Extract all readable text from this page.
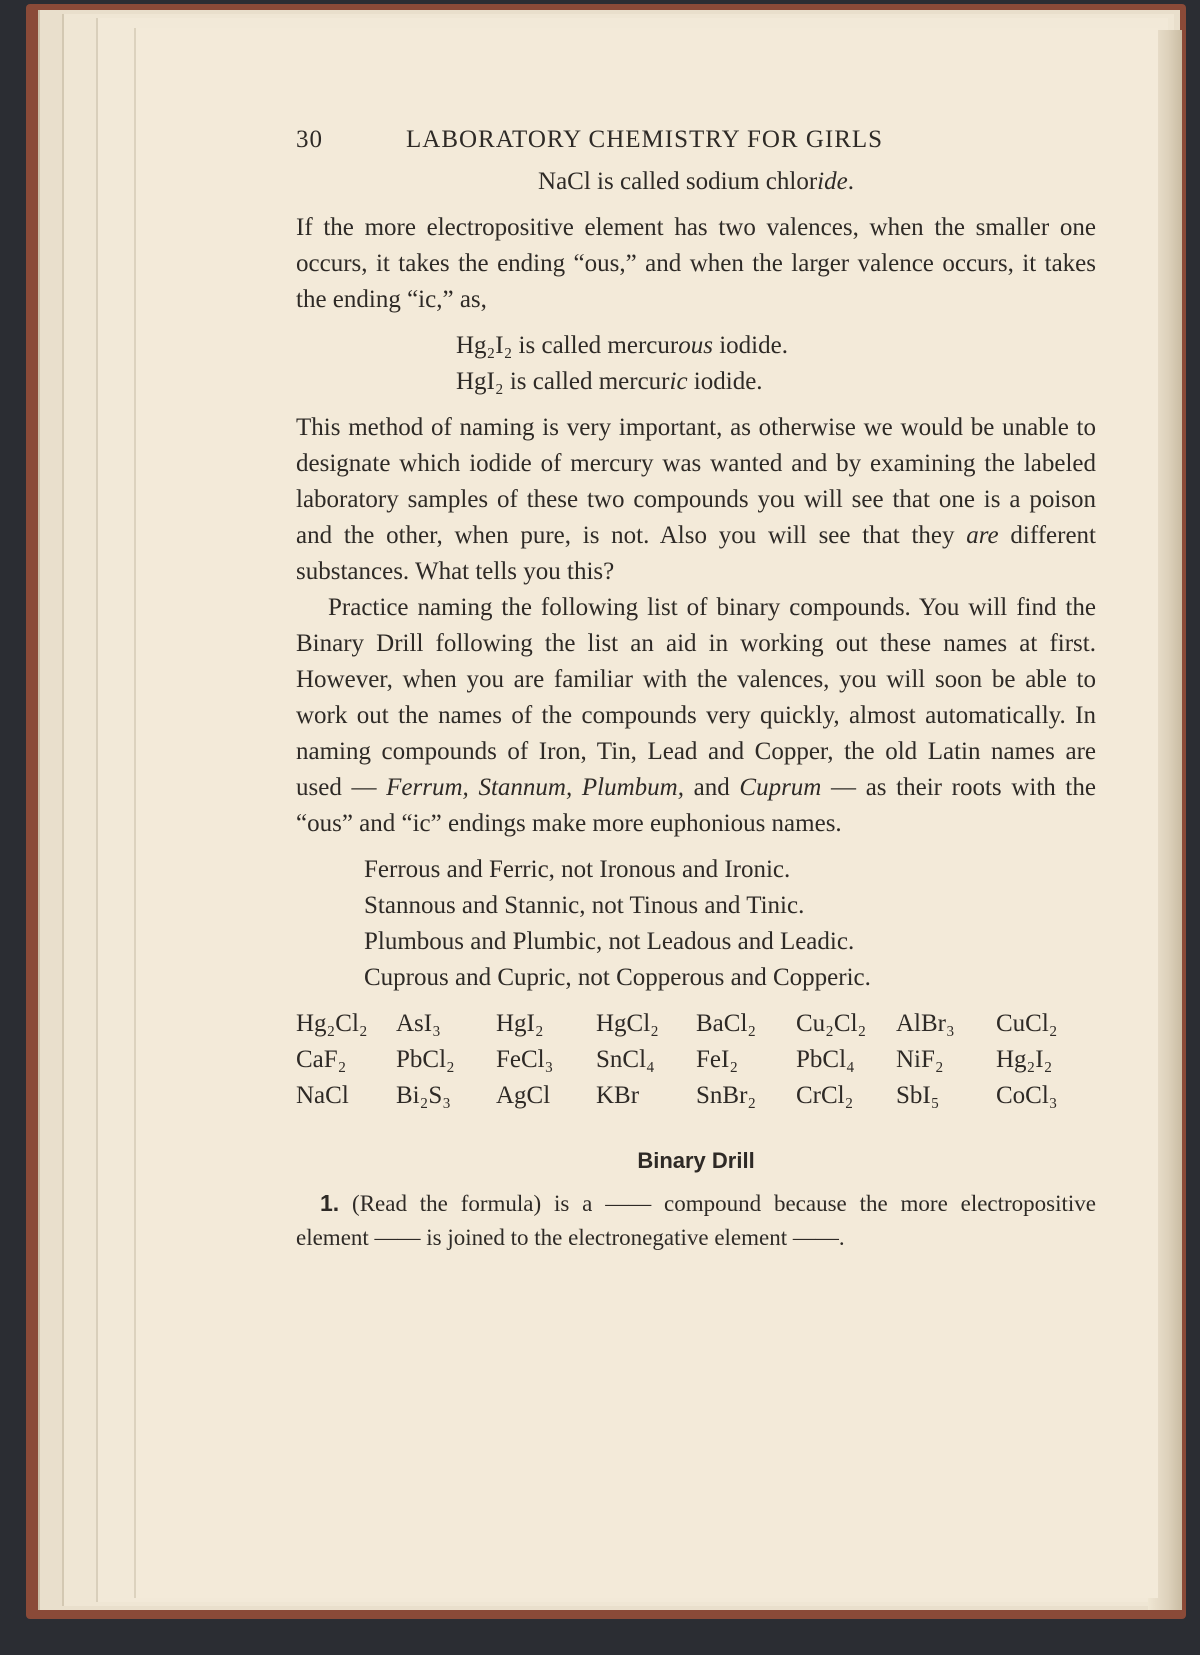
30	LABORATORY CHEMISTRY FOR GIRLS
NaCl is called sodium chloride.

If the more electropositive element has two valences, when the smaller one occurs, it takes the ending “ous,” and when the larger valence occurs, it takes the ending “ic,” as,

Hg₂I₂ is called mercurous iodide.
HgI₂ is called mercuric iodide.

This method of naming is very important, as otherwise we would be unable to designate which iodide of mercury was wanted and by examining the labeled laboratory samples of these two compounds you will see that one is a poison and the other, when pure, is not. Also you will see that they are different substances. What tells you this?

Practice naming the following list of binary compounds. You will find the Binary Drill following the list an aid in working out these names at first. However, when you are familiar with the valences, you will soon be able to work out the names of the compounds very quickly, almost automatically. In naming compounds of Iron, Tin, Lead and Copper, the old Latin names are used — Ferrum, Stannum, Plumbum, and Cuprum — as their roots with the “ous” and “ic” endings make more euphonious names.

Ferrous and Ferric, not Ironous and Ironic.
Stannous and Stannic, not Tinous and Tinic.
Plumbous and Plumbic, not Leadous and Leadic.
Cuprous and Cupric, not Copperous and Copperic.
Hg₂Cl₂	AsI₃	HgI₂	HgCl₂	BaCl₂	Cu₂Cl₂	AlBr₃	CuCl₂
CaF₂	PbCl₂	FeCl₃	SnCl₄	FeI₂	PbCl₄	NiF₂	Hg₂I₂
NaCl	Bi₂S₃	AgCl	KBr	SnBr₂	CrCl₂	SbI₅	CoCl₃
Binary Drill

1. (Read the formula) is a —— compound because the more electropositive element —— is joined to the electronegative element ——.
